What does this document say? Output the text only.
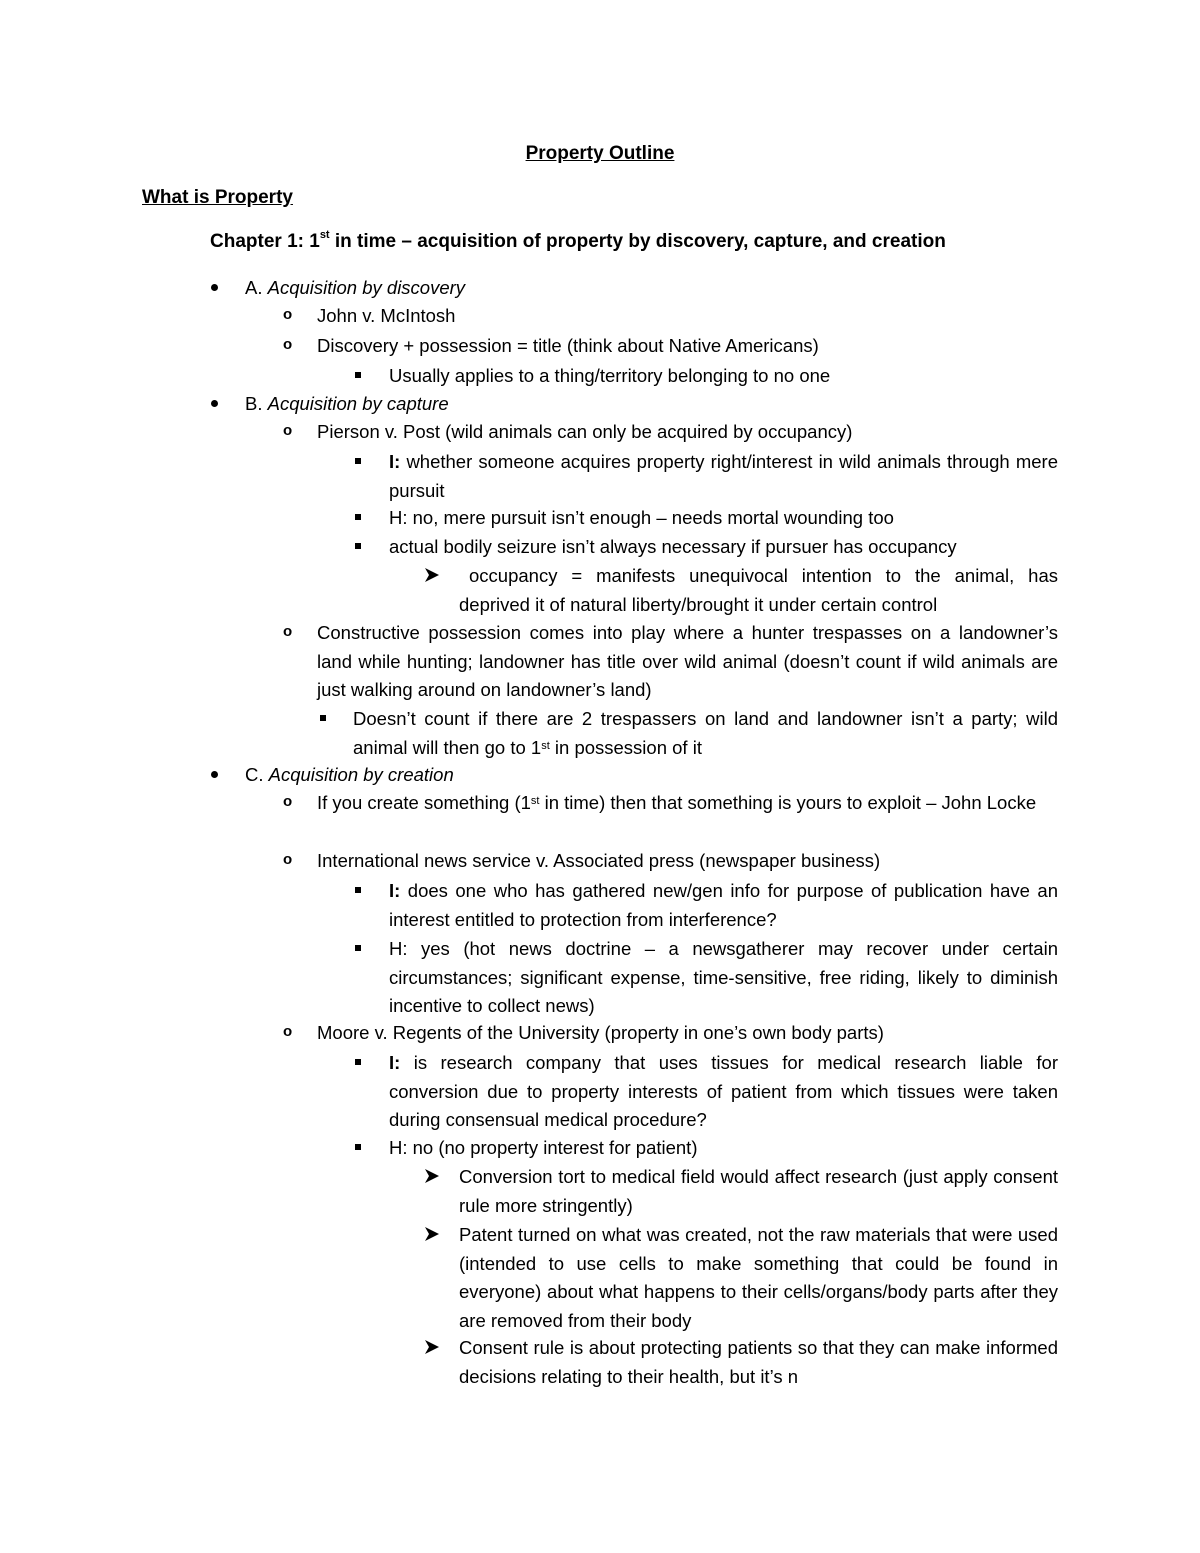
Property Outline
What is Property
Chapter 1: 1st in time – acquisition of property by discovery, capture, and creation
A. Acquisition by discovery
o John v. McIntosh
o Discovery + possession = title (think about Native Americans)
Usually applies to a thing/territory belonging to no one
B. Acquisition by capture
o Pierson v. Post (wild animals can only be acquired by occupancy)
I: whether someone acquires property right/interest in wild animals through mere pursuit
H: no, mere pursuit isn’t enough – needs mortal wounding too
actual bodily seizure isn’t always necessary if pursuer has occupancy
occupancy = manifests unequivocal intention to the animal, has deprived it of natural liberty/brought it under certain control
o Constructive possession comes into play where a hunter trespasses on a landowner’s land while hunting; landowner has title over wild animal (doesn’t count if wild animals are just walking around on landowner’s land)
Doesn’t count if there are 2 trespassers on land and landowner isn’t a party; wild animal will then go to 1st in possession of it
C. Acquisition by creation
o If you create something (1st in time) then that something is yours to exploit – John Locke
o International news service v. Associated press (newspaper business)
I: does one who has gathered new/gen info for purpose of publication have an interest entitled to protection from interference?
H: yes (hot news doctrine – a newsgatherer may recover under certain circumstances; significant expense, time-sensitive, free riding, likely to diminish incentive to collect news)
o Moore v. Regents of the University (property in one’s own body parts)
I: is research company that uses tissues for medical research liable for conversion due to property interests of patient from which tissues were taken during consensual medical procedure?
H: no (no property interest for patient)
Conversion tort to medical field would affect research (just apply consent rule more stringently)
Patent turned on what was created, not the raw materials that were used (intended to use cells to make something that could be found in everyone) about what happens to their cells/organs/body parts after they are removed from their body
Consent rule is about protecting patients so that they can make informed decisions relating to their health, but it’s n
